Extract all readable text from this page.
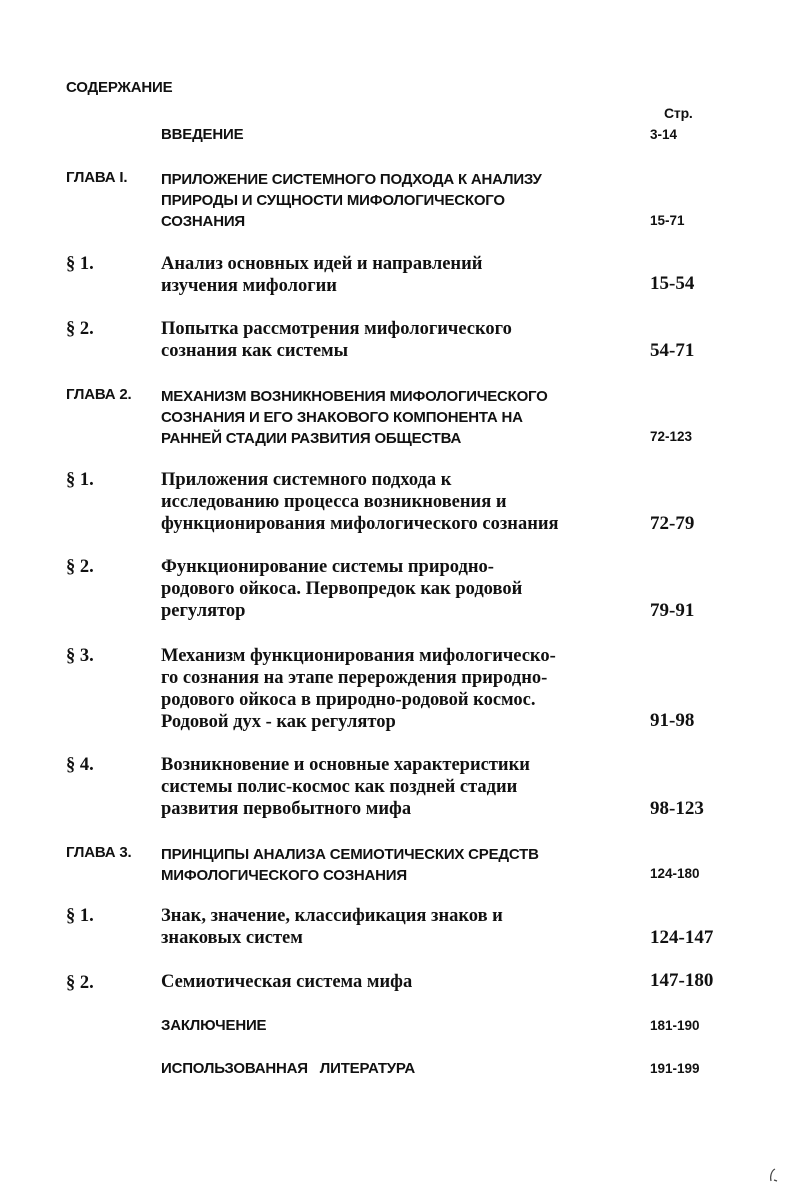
СОДЕРЖАНИЕ
Стр.
ВВЕДЕНИЕ	3-14
ГЛАВА I. ПРИЛОЖЕНИЕ СИСТЕМНОГО ПОДХОДА К АНАЛИЗУ
ПРИРОДЫ И СУЩНОСТИ МИФОЛОГИЧЕСКОГО
СОЗНАНИЯ	15-71
§ 1.	Анализ основных идей и направлений
изучения мифологии	15-54
§ 2.	Попытка рассмотрения мифологического
сознания как системы	54-71
ГЛАВА 2. МЕХАНИЗМ ВОЗНИКНОВЕНИЯ МИФОЛОГИЧЕСКОГО
СОЗНАНИЯ И ЕГО ЗНАКОВОГО КОМПОНЕНТА НА
РАННЕЙ СТАДИИ РАЗВИТИЯ ОБЩЕСТВА	72-123
§ 1.	Приложения системного подхода к
исследованию процесса возникновения и
функционирования мифологического сознания	72-79
§ 2.	Функционирование системы природно-
родового ойкоса. Первопредок как родовой
регулятор	79-91
§ 3.	Механизм функционирования мифологическо-
го сознания на этапе перерождения природно-
родового ойкоса в природно-родовой космос.
Родовой дух - как регулятор	91-98
§ 4.	Возникновение и основные характеристики
системы полис-космос как поздней стадии
развития первобытного мифа	98-123
ГЛАВА 3. ПРИНЦИПЫ АНАЛИЗА СЕМИОТИЧЕСКИХ СРЕДСТВ
МИФОЛОГИЧЕСКОГО СОЗНАНИЯ	124-180
§ 1.	Знак, значение, классификация знаков и
знаковых систем	124-147
§ 2.	Семиотическая система мифа	147-180
ЗАКЛЮЧЕНИЕ	181-190
ИСПОЛЬЗОВАННАЯ   ЛИТЕРАТУРА	191-199
